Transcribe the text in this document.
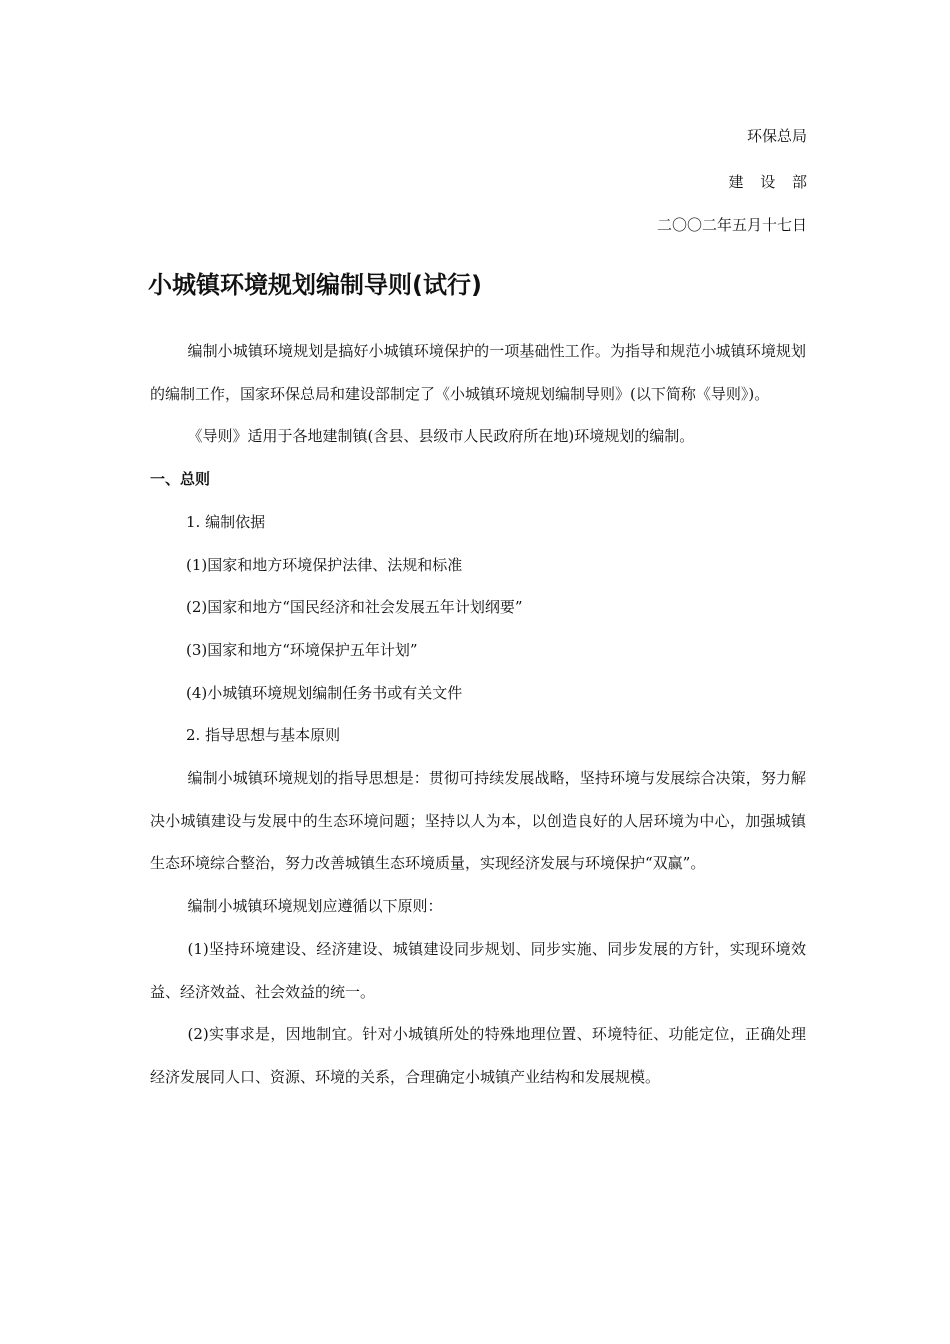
环保总局
建 设 部
二〇〇二年五月十七日
小城镇环境规划编制导则(试行)

编制小城镇环境规划是搞好小城镇环境保护的一项基础性工作。为指导和规范小城镇环境规划的编制工作，国家环保总局和建设部制定了《小城镇环境规划编制导则》(以下简称《导则》)。

《导则》适用于各地建制镇(含县、县级市人民政府所在地)环境规划的编制。

一、总则

1. 编制依据

(1)国家和地方环境保护法律、法规和标准

(2)国家和地方“国民经济和社会发展五年计划纲要”

(3)国家和地方“环境保护五年计划”

(4)小城镇环境规划编制任务书或有关文件

2. 指导思想与基本原则

编制小城镇环境规划的指导思想是：贯彻可持续发展战略，坚持环境与发展综合决策，努力解决小城镇建设与发展中的生态环境问题；坚持以人为本，以创造良好的人居环境为中心，加强城镇生态环境综合整治，努力改善城镇生态环境质量，实现经济发展与环境保护“双赢”。

编制小城镇环境规划应遵循以下原则：

(1)坚持环境建设、经济建设、城镇建设同步规划、同步实施、同步发展的方针，实现环境效益、经济效益、社会效益的统一。

(2)实事求是，因地制宜。针对小城镇所处的特殊地理位置、环境特征、功能定位，正确处理经济发展同人口、资源、环境的关系，合理确定小城镇产业结构和发展规模。
